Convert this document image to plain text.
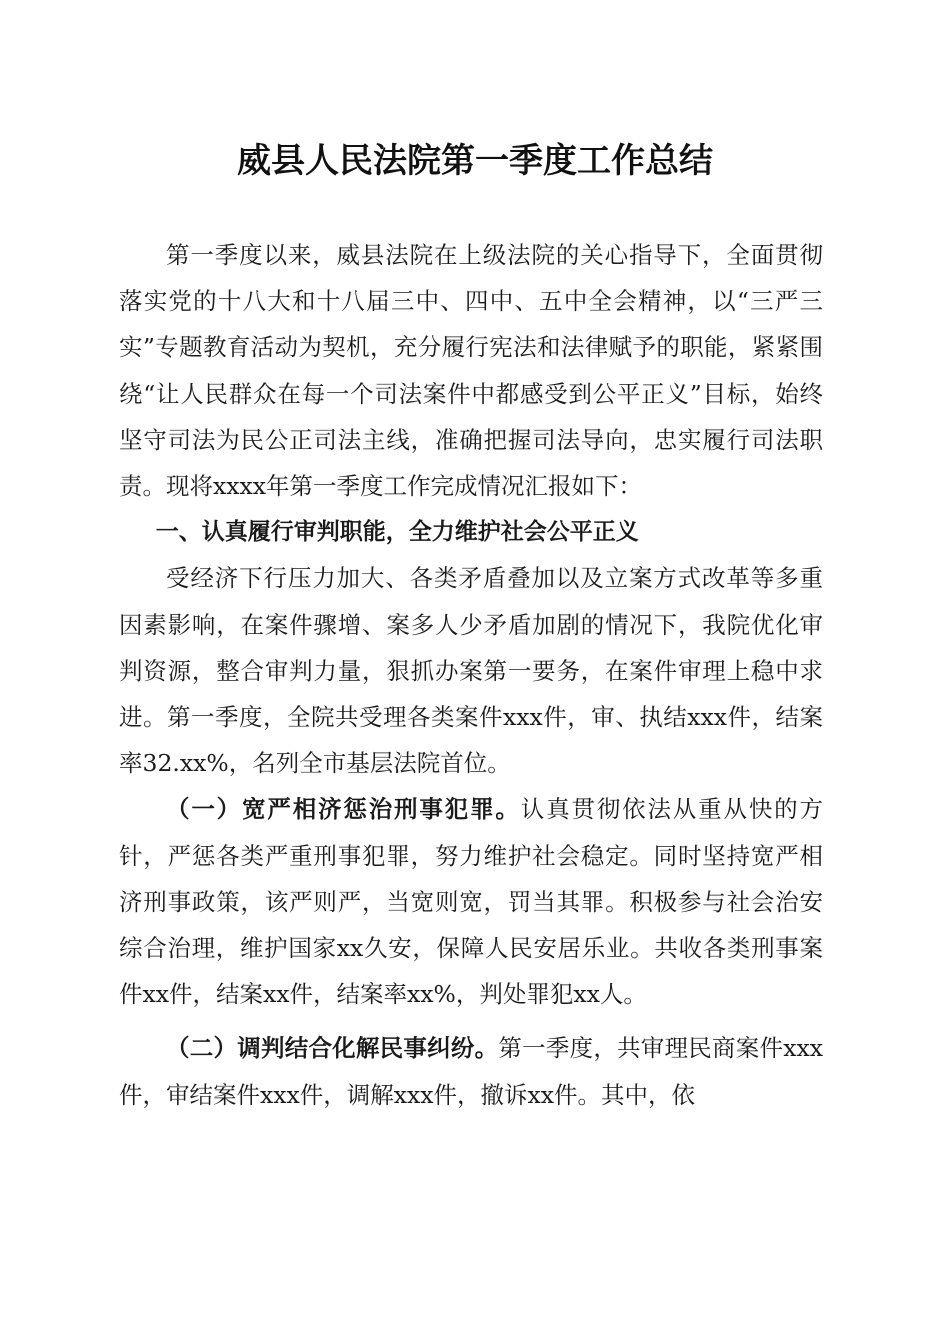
威县人民法院第一季度工作总结

第一季度以来，威县法院在上级法院的关心指导下，全面贯彻落实党的十八大和十八届三中、四中、五中全会精神，以“三严三实”专题教育活动为契机，充分履行宪法和法律赋予的职能，紧紧围绕“让人民群众在每一个司法案件中都感受到公平正义”目标，始终坚守司法为民公正司法主线，准确把握司法导向，忠实履行司法职责。现将xxxx年第一季度工作完成情况汇报如下：

一、认真履行审判职能，全力维护社会公平正义

受经济下行压力加大、各类矛盾叠加以及立案方式改革等多重因素影响，在案件骤增、案多人少矛盾加剧的情况下，我院优化审判资源，整合审判力量，狠抓办案第一要务，在案件审理上稳中求进。第一季度，全院共受理各类案件xxx件，审、执结xxx件，结案率32.xx%，名列全市基层法院首位。

（一）宽严相济惩治刑事犯罪。认真贯彻依法从重从快的方针，严惩各类严重刑事犯罪，努力维护社会稳定。同时坚持宽严相济刑事政策，该严则严，当宽则宽，罚当其罪。积极参与社会治安综合治理，维护国家xx久安，保障人民安居乐业。共收各类刑事案件xx件，结案xx件，结案率xx%，判处罪犯xx人。

（二）调判结合化解民事纠纷。第一季度，共审理民商案件xxx件，审结案件xxx件，调解xxx件，撤诉xx件。其中，依
